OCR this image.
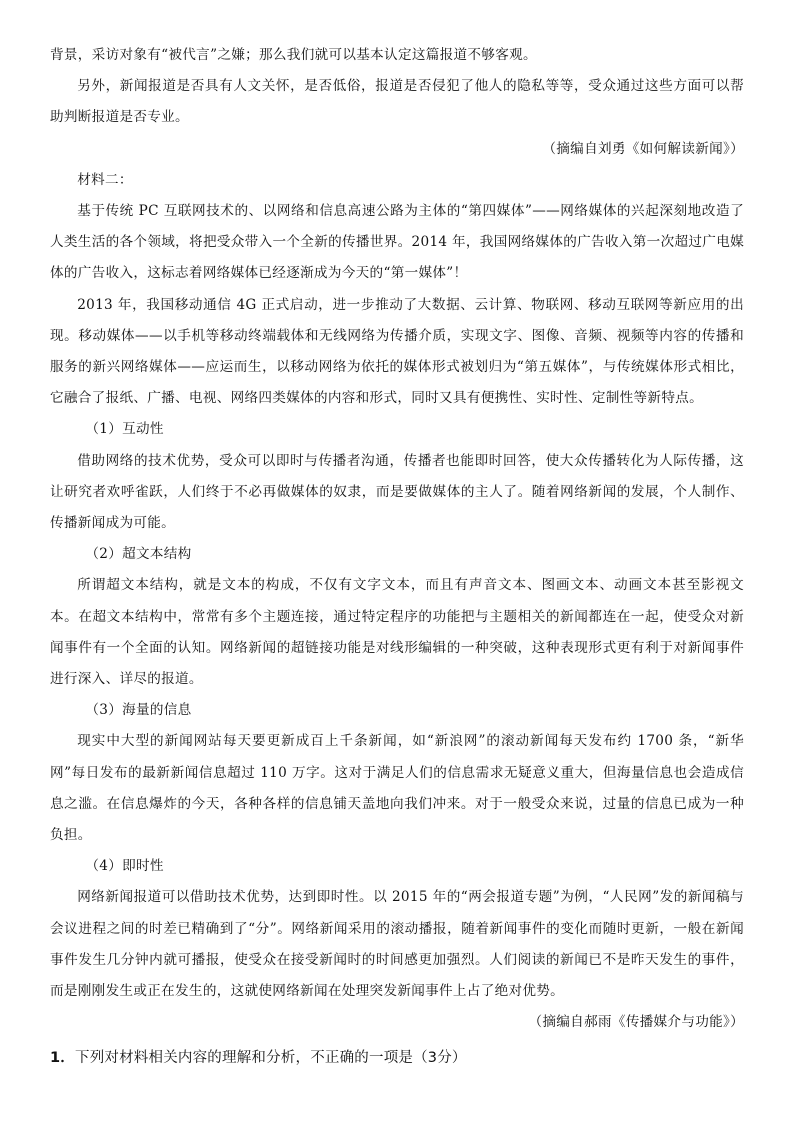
背景，采访对象有“被代言”之嫌；那么我们就可以基本认定这篇报道不够客观。

另外，新闻报道是否具有人文关怀，是否低俗，报道是否侵犯了他人的隐私等等，受众通过这些方面可以帮助判断报道是否专业。

（摘编自刘勇《如何解读新闻》）

材料二：

基于传统 PC 互联网技术的、以网络和信息高速公路为主体的“第四媒体”——网络媒体的兴起深刻地改造了人类生活的各个领域，将把受众带入一个全新的传播世界。2014 年，我国网络媒体的广告收入第一次超过广电媒体的广告收入，这标志着网络媒体已经逐渐成为今天的“第一媒体”！

2013 年，我国移动通信 4G 正式启动，进一步推动了大数据、云计算、物联网、移动互联网等新应用的出现。移动媒体——以手机等移动终端载体和无线网络为传播介质，实现文字、图像、音频、视频等内容的传播和服务的新兴网络媒体——应运而生，以移动网络为依托的媒体形式被划归为“第五媒体”，与传统媒体形式相比，它融合了报纸、广播、电视、网络四类媒体的内容和形式，同时又具有便携性、实时性、定制性等新特点。

（1）互动性

借助网络的技术优势，受众可以即时与传播者沟通，传播者也能即时回答，使大众传播转化为人际传播，这让研究者欢呼雀跃，人们终于不必再做媒体的奴隶，而是要做媒体的主人了。随着网络新闻的发展，个人制作、传播新闻成为可能。

（2）超文本结构

所谓超文本结构，就是文本的构成，不仅有文字文本，而且有声音文本、图画文本、动画文本甚至影视文本。在超文本结构中，常常有多个主题连接，通过特定程序的功能把与主题相关的新闻都连在一起，使受众对新闻事件有一个全面的认知。网络新闻的超链接功能是对线形编辑的一种突破，这种表现形式更有利于对新闻事件进行深入、详尽的报道。

（3）海量的信息

现实中大型的新闻网站每天要更新成百上千条新闻，如“新浪网”的滚动新闻每天发布约 1700 条，“新华网”每日发布的最新新闻信息超过 110 万字。这对于满足人们的信息需求无疑意义重大，但海量信息也会造成信息之滥。在信息爆炸的今天，各种各样的信息铺天盖地向我们冲来。对于一般受众来说，过量的信息已成为一种负担。

（4）即时性

网络新闻报道可以借助技术优势，达到即时性。以 2015 年的“两会报道专题”为例，“人民网”发的新闻稿与会议进程之间的时差已精确到了“分”。网络新闻采用的滚动播报，随着新闻事件的变化而随时更新，一般在新闻事件发生几分钟内就可播报，使受众在接受新闻时的时间感更加强烈。人们阅读的新闻已不是昨天发生的事件，而是刚刚发生或正在发生的，这就使网络新闻在处理突发新闻事件上占了绝对优势。

（摘编自郝雨《传播媒介与功能》）

1．下列对材料相关内容的理解和分析，不正确的一项是（3分）
